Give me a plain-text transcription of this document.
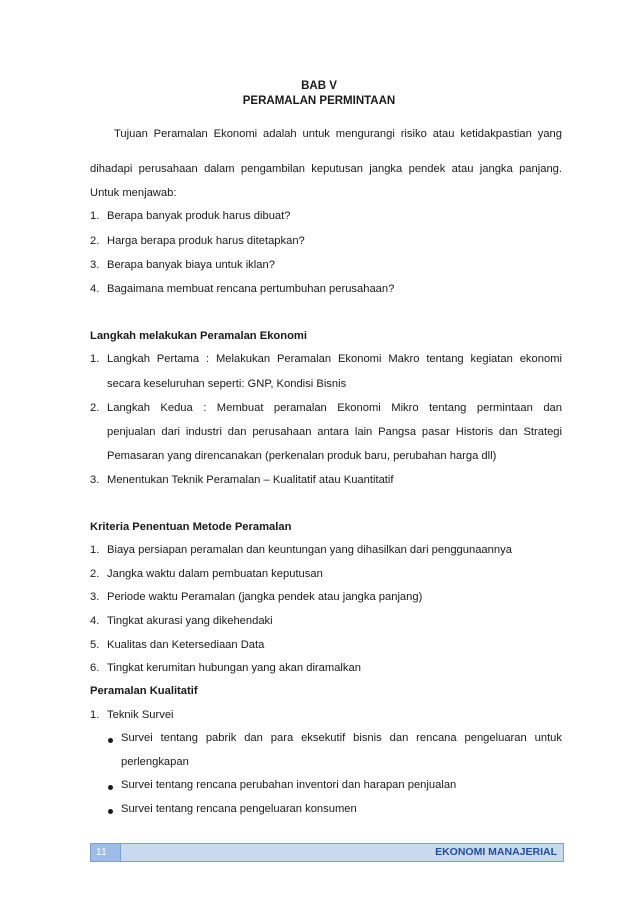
BAB V
PERAMALAN PERMINTAAN
Tujuan Peramalan Ekonomi adalah untuk mengurangi risiko atau ketidakpastian yang
dihadapi perusahaan dalam pengambilan keputusan jangka pendek atau jangka panjang.
Untuk menjawab:
1. Berapa banyak produk harus dibuat?
2. Harga berapa produk harus ditetapkan?
3. Berapa banyak biaya untuk iklan?
4. Bagaimana membuat rencana pertumbuhan perusahaan?
Langkah melakukan Peramalan Ekonomi
1. Langkah Pertama : Melakukan Peramalan Ekonomi Makro tentang kegiatan ekonomi
secara keseluruhan seperti: GNP, Kondisi Bisnis
2. Langkah Kedua : Membuat peramalan Ekonomi Mikro tentang permintaan dan
penjualan dari industri dan perusahaan antara lain Pangsa pasar Historis dan Strategi
Pemasaran yang direncanakan (perkenalan produk baru, perubahan harga dll)
3. Menentukan Teknik Peramalan – Kualitatif atau Kuantitatif
Kriteria Penentuan Metode Peramalan
1. Biaya persiapan peramalan dan keuntungan yang dihasilkan dari penggunaannya
2. Jangka waktu dalam pembuatan keputusan
3. Periode waktu Peramalan (jangka pendek atau jangka panjang)
4. Tingkat akurasi yang dikehendaki
5. Kualitas dan Ketersediaan Data
6. Tingkat kerumitan hubungan yang akan diramalkan
Peramalan Kualitatif
1. Teknik Survei
Survei tentang pabrik dan para eksekutif bisnis dan rencana pengeluaran untuk
perlengkapan
Survei tentang rencana perubahan inventori dan harapan penjualan
Survei tentang rencana pengeluaran konsumen
11	EKONOMI MANAJERIAL
